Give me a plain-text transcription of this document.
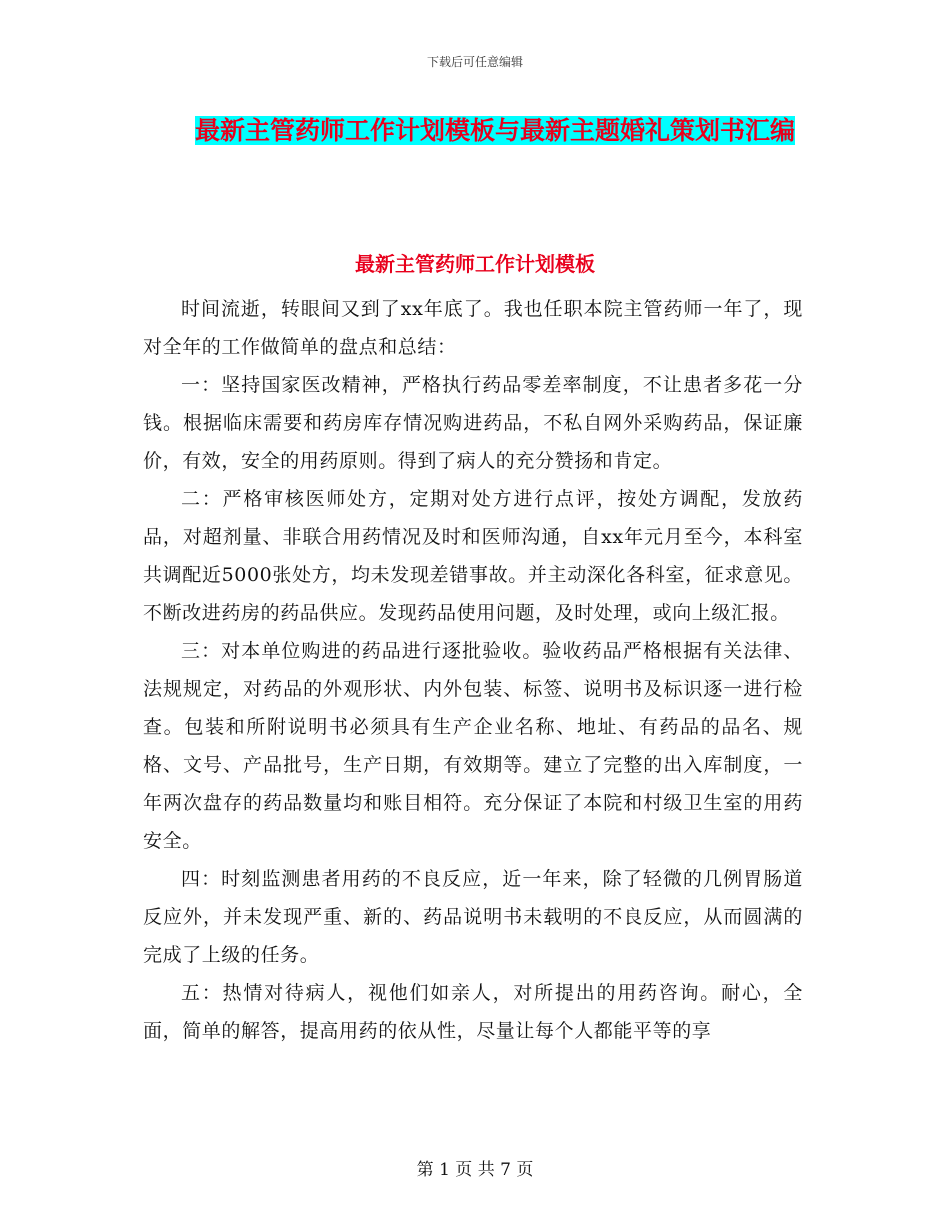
下载后可任意编辑
最新主管药师工作计划模板与最新主题婚礼策划书汇编
最新主管药师工作计划模板

时间流逝，转眼间又到了xx年底了。我也任职本院主管药师一年了，现对全年的工作做简单的盘点和总结：

一：坚持国家医改精神，严格执行药品零差率制度，不让患者多花一分钱。根据临床需要和药房库存情况购进药品，不私自网外采购药品，保证廉价，有效，安全的用药原则。得到了病人的充分赞扬和肯定。

二：严格审核医师处方，定期对处方进行点评，按处方调配，发放药品，对超剂量、非联合用药情况及时和医师沟通，自xx年元月至今，本科室共调配近5000张处方，均未发现差错事故。并主动深化各科室，征求意见。不断改进药房的药品供应。发现药品使用问题，及时处理，或向上级汇报。

三：对本单位购进的药品进行逐批验收。验收药品严格根据有关法律、法规规定，对药品的外观形状、内外包装、标签、说明书及标识逐一进行检查。包装和所附说明书必须具有生产企业名称、地址、有药品的品名、规格、文号、产品批号，生产日期，有效期等。建立了完整的出入库制度，一年两次盘存的药品数量均和账目相符。充分保证了本院和村级卫生室的用药安全。

四：时刻监测患者用药的不良反应，近一年来，除了轻微的几例胃肠道反应外，并未发现严重、新的、药品说明书未载明的不良反应，从而圆满的完成了上级的任务。

五：热情对待病人，视他们如亲人，对所提出的用药咨询。耐心，全面，简单的解答，提高用药的依从性，尽量让每个人都能平等的享

第 1 页 共 7 页
